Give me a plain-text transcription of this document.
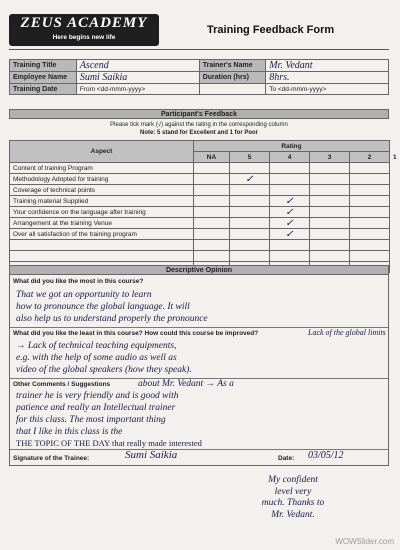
ZEUS ACADEMY
Here begins new life
Training Feedback Form
Training Title	Ascend	Trainer's Name	Mr. Vedant
Employee Name	Sumi Saikia	Duration (hrs)	8hrs.
Training Date	From <dd-mmm-yyyy>		To <dd-mmm-yyyy>
Participant's Feedback
Please tick mark (√) against the rating in the corresponding column
Note: 5 stand for Excellent and 1 for Poor
Aspect	Rating					
	NA	5	4	3	2	1
Content of training Program						
Methodology Adopted for training		✓				
Coverage of technical points						
Training material Supplied			✓			
Your confidence on the language after training			✓			
Arrangement at the training Venue			✓			
Over all satisfaction of the training program			✓			

Descriptive Opinion
What did you like the most in this course?
That we got an opportunity to learn
how to pronounce the global language. It will
also help us to understand properly the pronounce
What did you like the least in this course? How could this course be improved?	Lack of the global limits
→ Lack of technical teaching equipments,
e.g. with the help of some audio as well as
video of the global speakers (how they speak).
Other Comments / Suggestions	about Mr. Vedant → As a
trainer he is very friendly and is good with
patience and really an Intellectual trainer
for this class. The most important thing
that I like in this class is the
THE TOPIC OF THE DAY that really made interested
Signature of the Trainee:	Sumi Saikia	Date: 03/05/12
My confident
level very
much. Thanks to
Mr. Vedant.
WOWSlider.com
